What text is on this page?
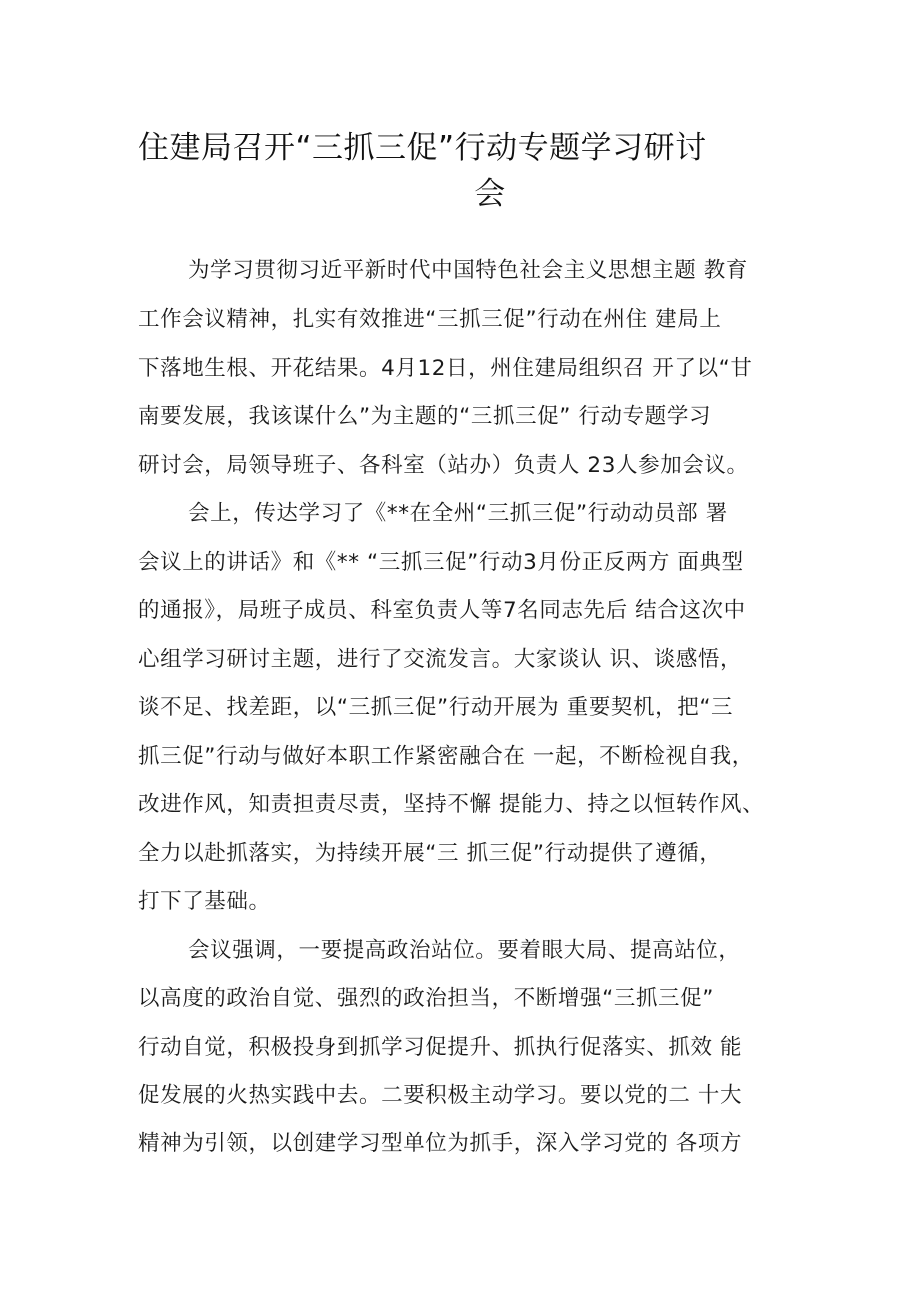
住建局召开“三抓三促”行动专题学习研讨
会
为学习贯彻习近平新时代中国特色社会主义思想主题 教育
工作会议精神，扎实有效推进“三抓三促”行动在州住 建局上
下落地生根、开花结果。4月12日，州住建局组织召 开了以“甘
南要发展，我该谋什么”为主题的“三抓三促” 行动专题学习
研讨会，局领导班子、各科室（站办）负责人 23人参加会议。
会上，传达学习了《**在全州“三抓三促”行动动员部 署
会议上的讲话》和《** “三抓三促”行动3月份正反两方 面典型
的通报》，局班子成员、科室负责人等7名同志先后 结合这次中
心组学习研讨主题，进行了交流发言。大家谈认 识、谈感悟，
谈不足、找差距，以“三抓三促”行动开展为 重要契机，把“三
抓三促”行动与做好本职工作紧密融合在 一起，不断检视自我，
改进作风，知责担责尽责，坚持不懈 提能力、持之以恒转作风、
全力以赴抓落实，为持续开展“三 抓三促”行动提供了遵循，
打下了基础。
会议强调，一要提高政治站位。要着眼大局、提高站位，
以高度的政治自觉、强烈的政治担当，不断增强“三抓三促”
行动自觉，积极投身到抓学习促提升、抓执行促落实、抓效 能
促发展的火热实践中去。二要积极主动学习。要以党的二 十大
精神为引领，以创建学习型单位为抓手，深入学习党的 各项方
